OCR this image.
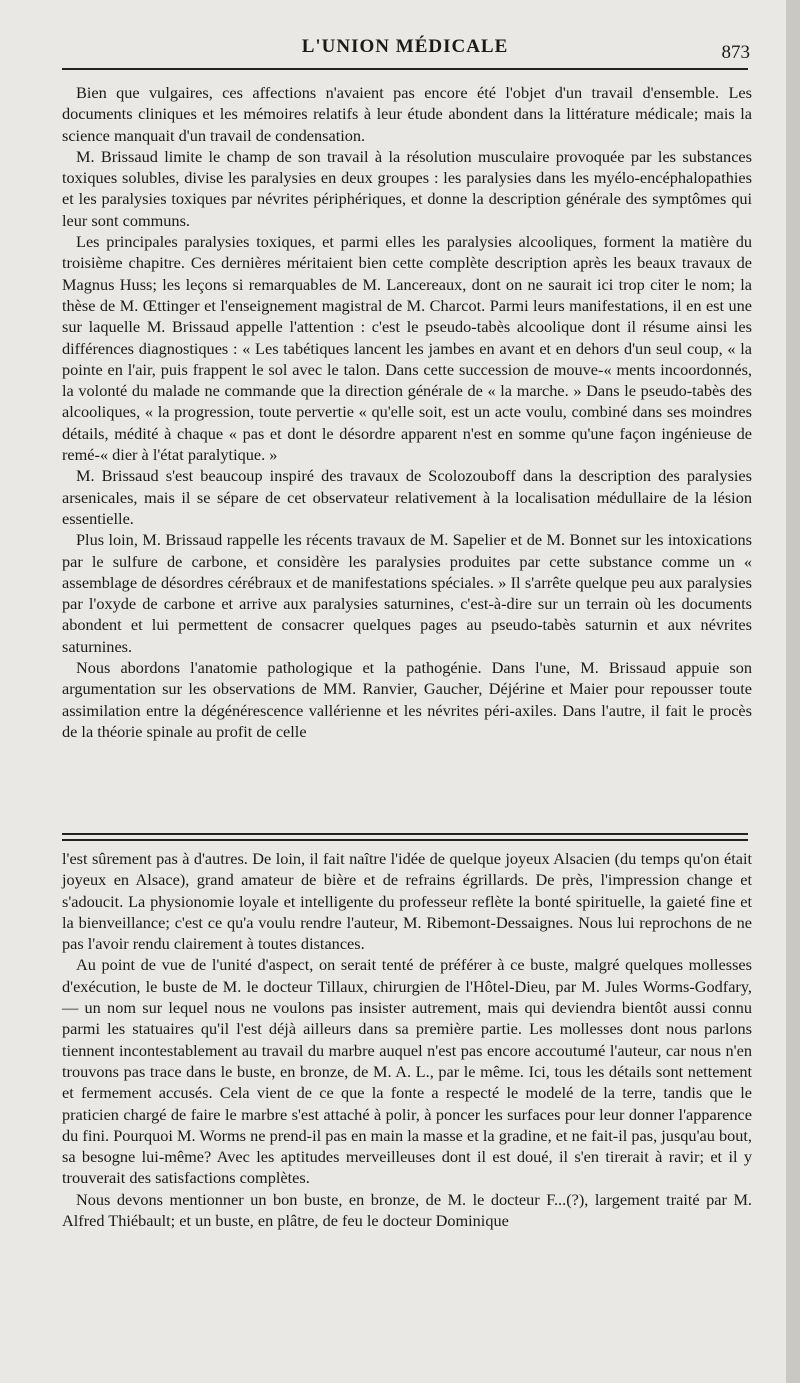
L'UNION MÉDICALE	873

Bien que vulgaires, ces affections n'avaient pas encore été l'objet d'un travail d'ensemble. Les documents cliniques et les mémoires relatifs à leur étude abondent dans la littérature médicale; mais la science manquait d'un travail de condensation.

M. Brissaud limite le champ de son travail à la résolution musculaire provoquée par les substances toxiques solubles, divise les paralysies en deux groupes : les paralysies dans les myélo-encéphalopathies et les paralysies toxiques par névrites périphériques, et donne la description générale des symptômes qui leur sont communs.

Les principales paralysies toxiques, et parmi elles les paralysies alcooliques, forment la matière du troisième chapitre. Ces dernières méritaient bien cette complète description après les beaux travaux de Magnus Huss; les leçons si remarquables de M. Lancereaux, dont on ne saurait ici trop citer le nom; la thèse de M. Œttinger et l'enseignement magistral de M. Charcot. Parmi leurs manifestations, il en est une sur laquelle M. Brissaud appelle l'attention : c'est le pseudo-tabès alcoolique dont il résume ainsi les différences diagnostiques : « Les tabétiques lancent les jambes en avant et en dehors d'un seul coup, « la pointe en l'air, puis frappent le sol avec le talon. Dans cette succession de mouve-« ments incoordonnés, la volonté du malade ne commande que la direction générale de « la marche. » Dans le pseudo-tabès des alcooliques, « la progression, toute pervertie « qu'elle soit, est un acte voulu, combiné dans ses moindres détails, médité à chaque « pas et dont le désordre apparent n'est en somme qu'une façon ingénieuse de remé-« dier à l'état paralytique. »

M. Brissaud s'est beaucoup inspiré des travaux de Scolozouboff dans la description des paralysies arsenicales, mais il se sépare de cet observateur relativement à la localisation médullaire de la lésion essentielle.

Plus loin, M. Brissaud rappelle les récents travaux de M. Sapelier et de M. Bonnet sur les intoxications par le sulfure de carbone, et considère les paralysies produites par cette substance comme un « assemblage de désordres cérébraux et de manifestations spéciales. » Il s'arrête quelque peu aux paralysies par l'oxyde de carbone et arrive aux paralysies saturnines, c'est-à-dire sur un terrain où les documents abondent et lui permettent de consacrer quelques pages au pseudo-tabès saturnin et aux névrites saturnines.

Nous abordons l'anatomie pathologique et la pathogénie. Dans l'une, M. Brissaud appuie son argumentation sur les observations de MM. Ranvier, Gaucher, Déjérine et Maier pour repousser toute assimilation entre la dégénérescence vallérienne et les névrites péri-axiles. Dans l'autre, il fait le procès de la théorie spinale au profit de celle

l'est sûrement pas à d'autres. De loin, il fait naître l'idée de quelque joyeux Alsacien (du temps qu'on était joyeux en Alsace), grand amateur de bière et de refrains égrillards. De près, l'impression change et s'adoucit. La physionomie loyale et intelligente du professeur reflète la bonté spirituelle, la gaieté fine et la bienveillance; c'est ce qu'a voulu rendre l'auteur, M. Ribemont-Dessaignes. Nous lui reprochons de ne pas l'avoir rendu clairement à toutes distances.

Au point de vue de l'unité d'aspect, on serait tenté de préférer à ce buste, malgré quelques mollesses d'exécution, le buste de M. le docteur Tillaux, chirurgien de l'Hôtel-Dieu, par M. Jules Worms-Godfary, — un nom sur lequel nous ne voulons pas insister autrement, mais qui deviendra bientôt aussi connu parmi les statuaires qu'il l'est déjà ailleurs dans sa première partie. Les mollesses dont nous parlons tiennent incontestablement au travail du marbre auquel n'est pas encore accoutumé l'auteur, car nous n'en trouvons pas trace dans le buste, en bronze, de M. A. L., par le même. Ici, tous les détails sont nettement et fermement accusés. Cela vient de ce que la fonte a respecté le modelé de la terre, tandis que le praticien chargé de faire le marbre s'est attaché à polir, à poncer les surfaces pour leur donner l'apparence du fini. Pourquoi M. Worms ne prend-il pas en main la masse et la gradine, et ne fait-il pas, jusqu'au bout, sa besogne lui-même? Avec les aptitudes merveilleuses dont il est doué, il s'en tirerait à ravir; et il y trouverait des satisfactions complètes.

Nous devons mentionner un bon buste, en bronze, de M. le docteur F...(?), largement traité par M. Alfred Thiébault; et un buste, en plâtre, de feu le docteur Dominique
